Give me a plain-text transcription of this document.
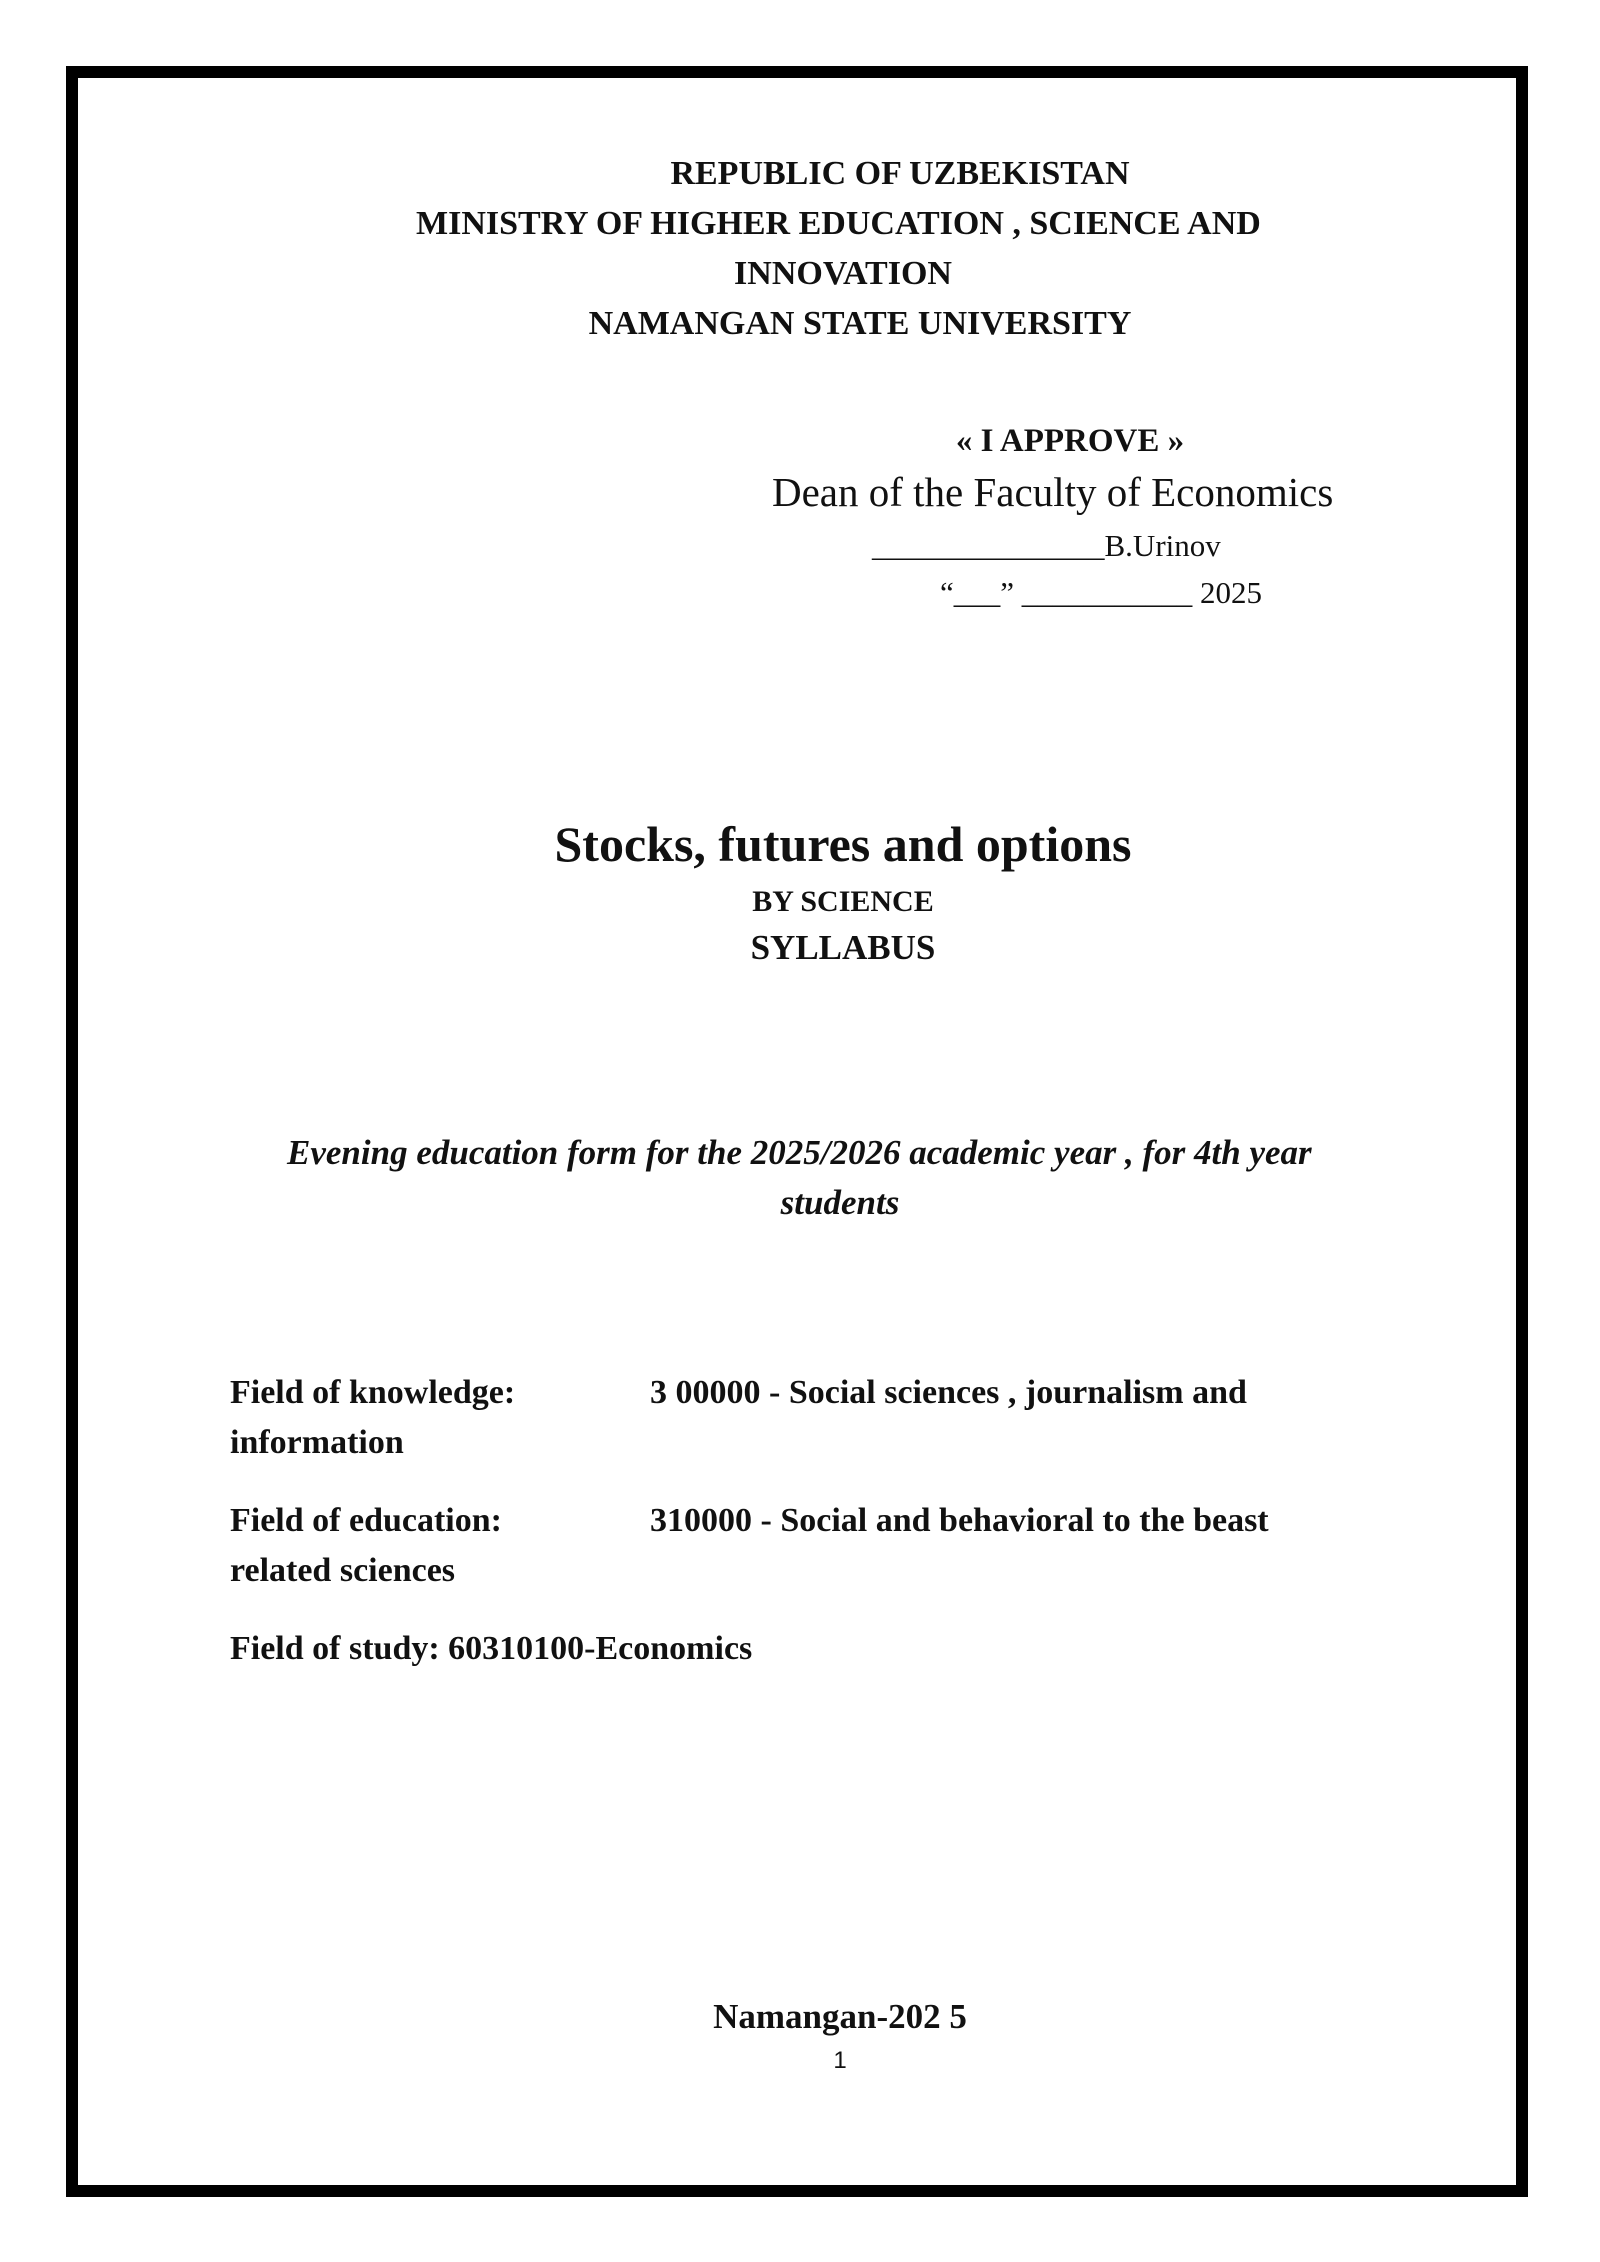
REPUBLIC OF UZBEKISTAN

MINISTRY OF HIGHER EDUCATION , SCIENCE AND

INNOVATION

NAMANGAN STATE UNIVERSITY

« I APPROVE »

Dean of the Faculty of Economics

_______________B.Urinov

“___” ___________ 2025

Stocks, futures and options

BY SCIENCE

SYLLABUS

Evening education form for the 2025/2026 academic year , for 4th year

students

Field of knowledge:	3 00000 - Social sciences , journalism and

information

Field of education:	310000 - Social and behavioral to the beast

related sciences

Field of study: 60310100-Economics

Namangan-202 5

1
